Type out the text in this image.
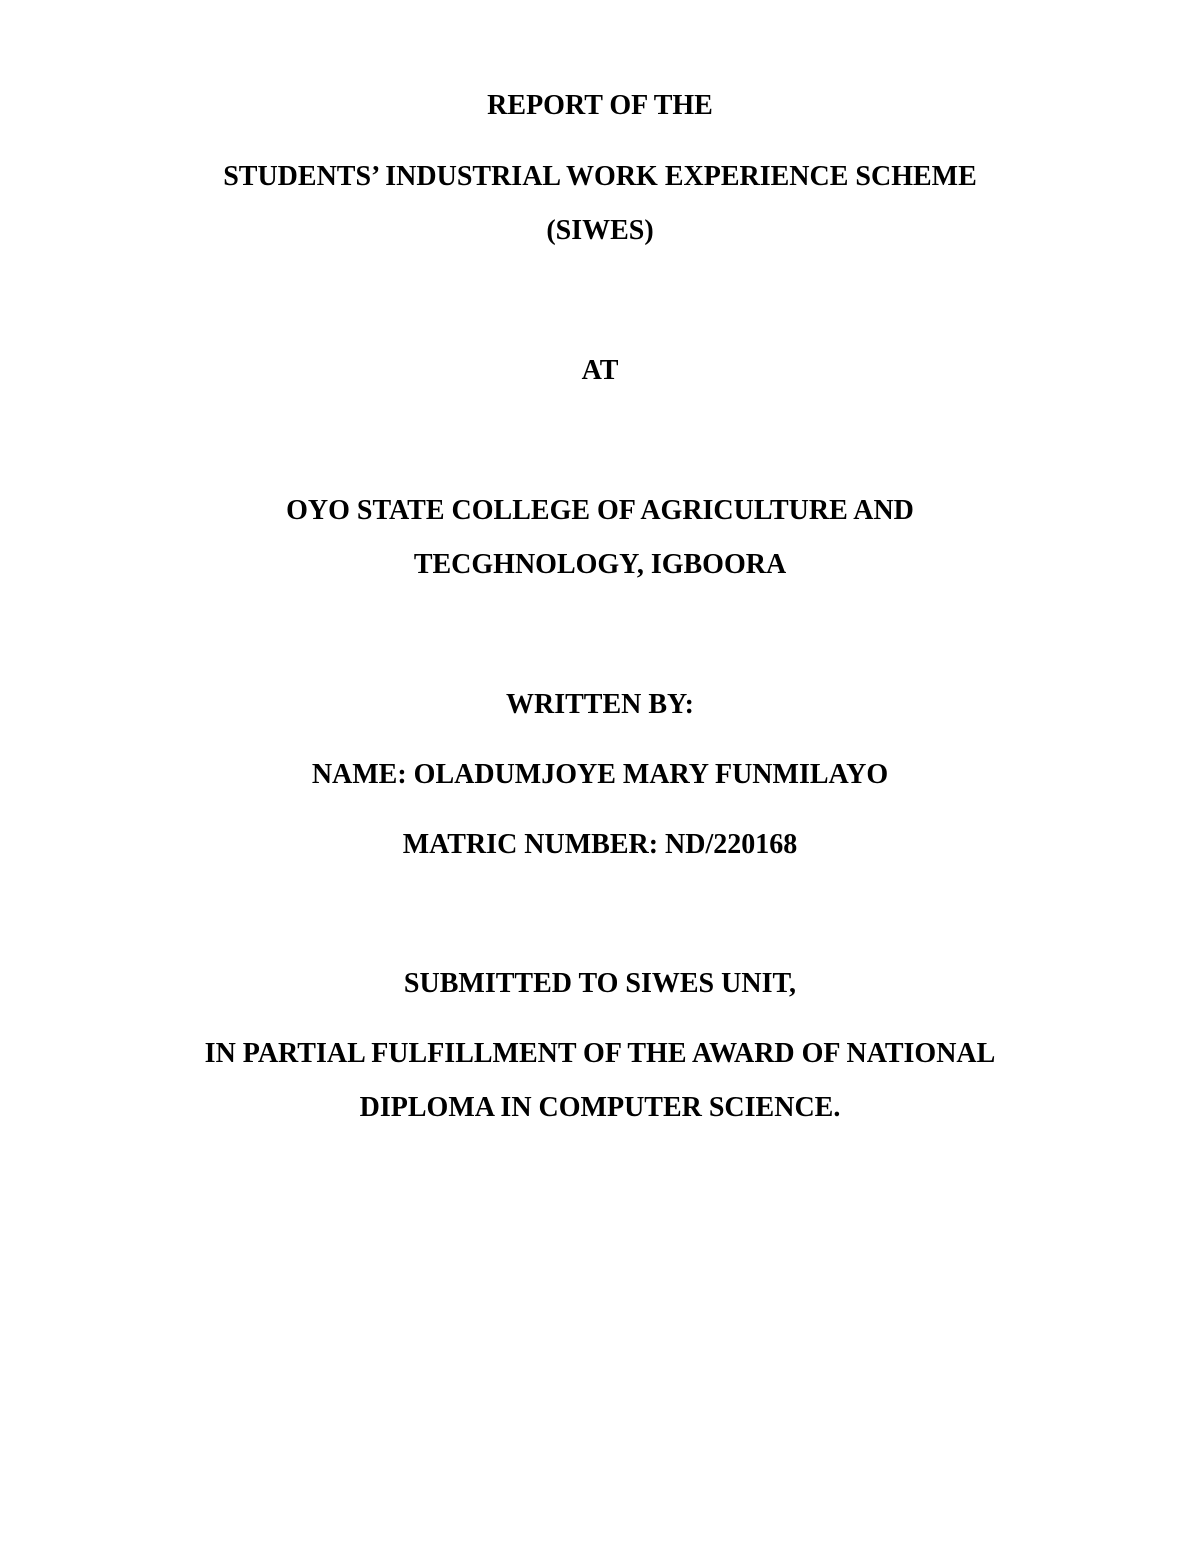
REPORT OF THE
STUDENTS’ INDUSTRIAL WORK EXPERIENCE SCHEME
(SIWES)
AT
OYO STATE COLLEGE OF AGRICULTURE AND
TECGHNOLOGY, IGBOORA
WRITTEN BY:
NAME: OLADUMJOYE MARY FUNMILAYO
MATRIC NUMBER: ND/220168
SUBMITTED TO SIWES UNIT,
IN PARTIAL FULFILLMENT OF THE AWARD OF NATIONAL
DIPLOMA IN COMPUTER SCIENCE.
